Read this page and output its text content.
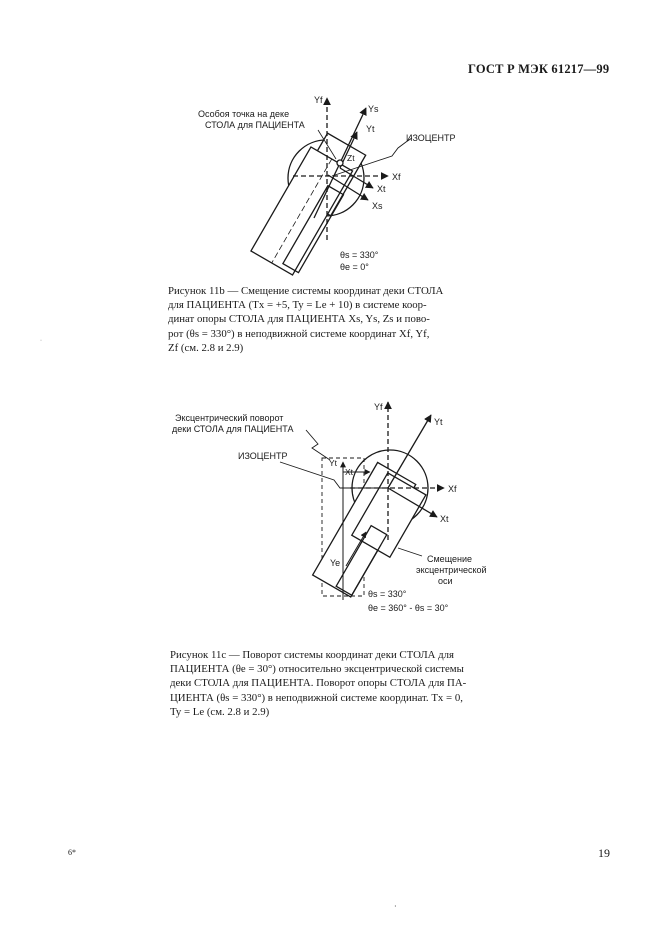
ГОСТ Р МЭК 61217—99
Особоя точка на деке
СТОЛА для ПАЦИЕНТА
Yf
Ys
Yt
Zt
ИЗОЦЕНТР
Xf
Xt
Xs
θs = 330°
θe = 0°
Эксцентрический поворот
деки СТОЛА для ПАЦИЕНТА
ИЗОЦЕНТР
Yf
Yt
Yt
Xt
Xf
Xt
Ye	Смещение
эксцентрической
оси
θs = 330°
θe = 360° - θs = 30°
Рисунок 11b — Смещение системы координат деки СТОЛА
для ПАЦИЕНТА (Tx = +5, Ty = Le + 10) в системе коор-
динат опоры СТОЛА для ПАЦИЕНТА Xs, Ys, Zs и пово-
рот (θs = 330°) в неподвижной системе координат Xf, Yf,
Zf (см. 2.8 и 2.9)
Рисунок 11c — Поворот системы координат деки СТОЛА для
ПАЦИЕНТА (θe = 30°) относительно эксцентрической системы
деки СТОЛА для ПАЦИЕНТА. Поворот опоры СТОЛА для ПА-
ЦИЕНТА (θs = 330°) в неподвижной системе координат. Tx = 0,
Ty = Le (см. 2.8 и 2.9)
·
6*	19
·
